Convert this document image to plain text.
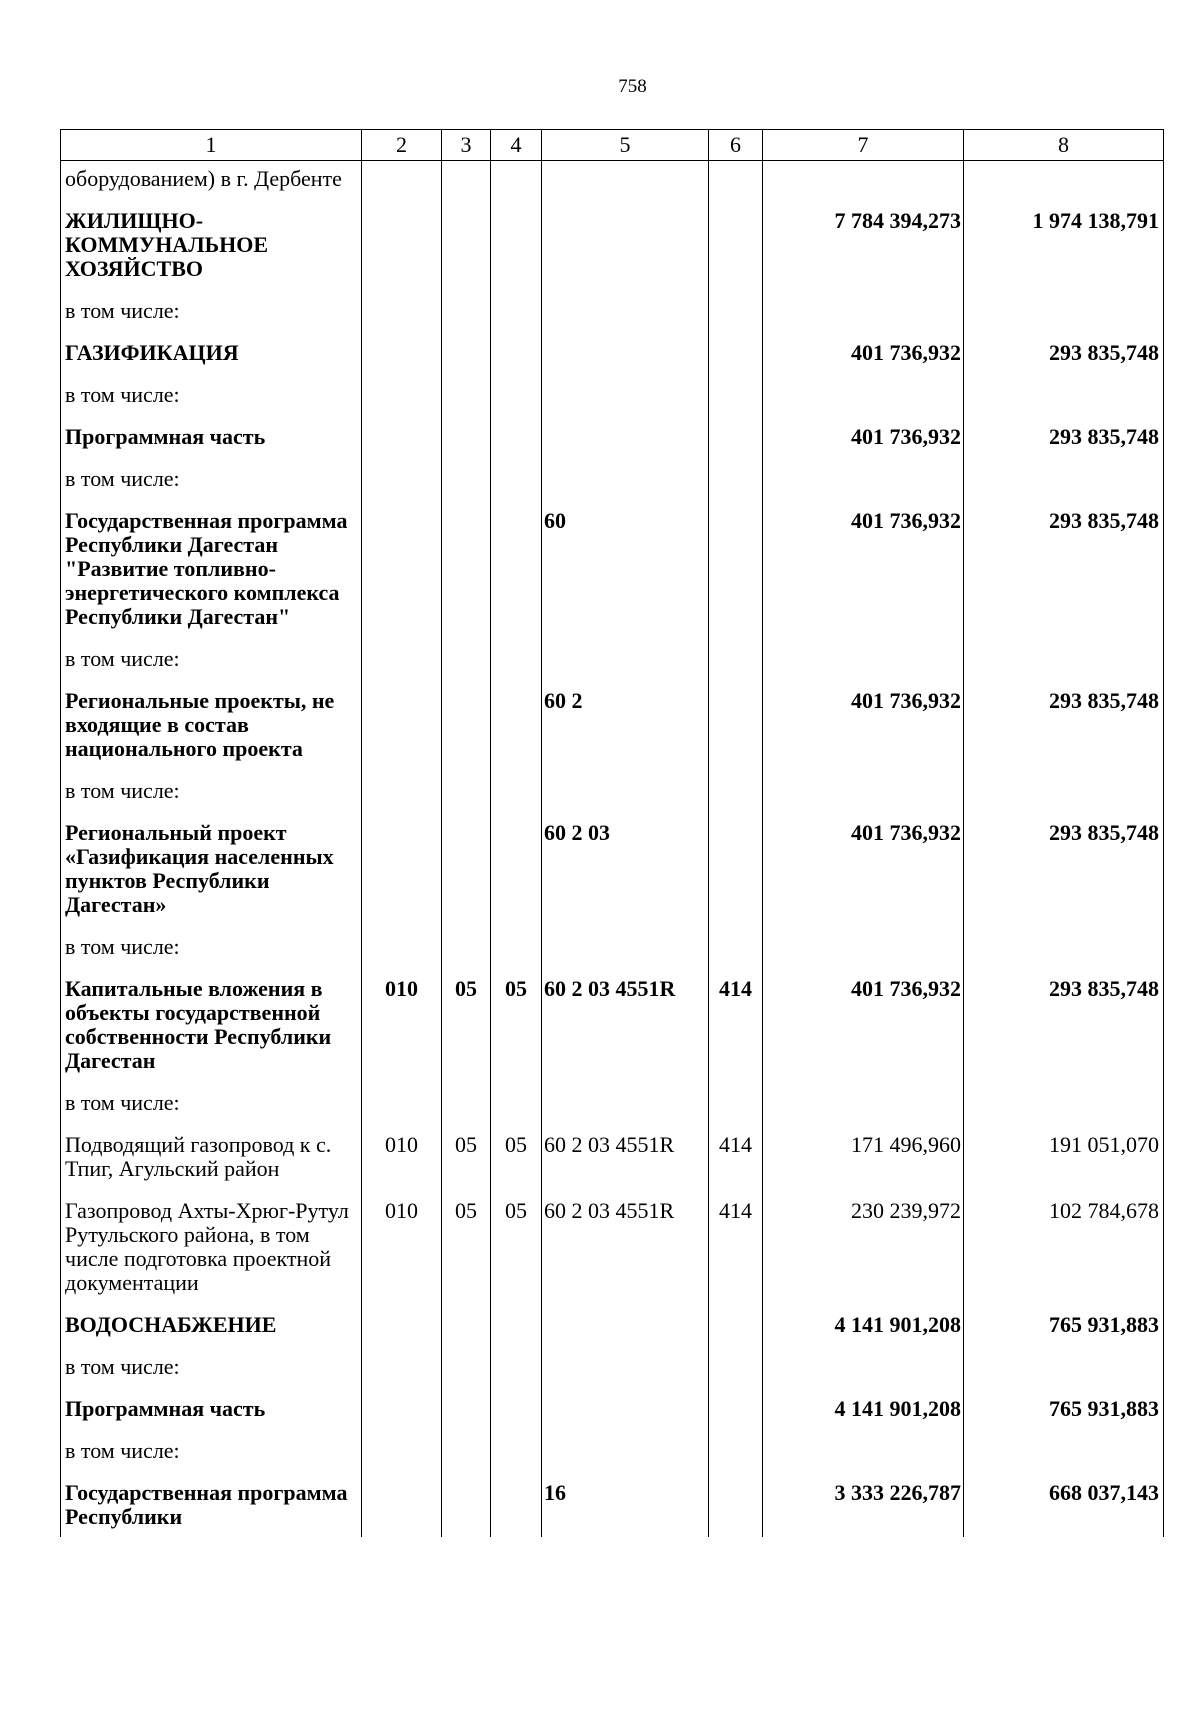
758
1	2	3	4	5	6	7	8
оборудованием) в г. Дербенте							
ЖИЛИЩНО-КОММУНАЛЬНОЕ ХОЗЯЙСТВО						7 784 394,273	1 974 138,791
в том числе:							
ГАЗИФИКАЦИЯ						401 736,932	293 835,748
в том числе:							
Программная часть						401 736,932	293 835,748
в том числе:							
Государственная программа Республики Дагестан "Развитие топливно-энергетического комплекса Республики Дагестан"				60		401 736,932	293 835,748
в том числе:							
Региональные проекты, не входящие в состав национального проекта				60 2		401 736,932	293 835,748
в том числе:							
Региональный проект «Газификация населенных пунктов Республики Дагестан»				60 2 03		401 736,932	293 835,748
в том числе:							
Капитальные вложения в объекты государственной собственности Республики Дагестан	010	05	05	60 2 03 4551R	414	401 736,932	293 835,748
в том числе:							
Подводящий газопровод к с. Тпиг, Агульский район	010	05	05	60 2 03 4551R	414	171 496,960	191 051,070
Газопровод Ахты-Хрюг-Рутул Рутульского района, в том числе подготовка проектной документации	010	05	05	60 2 03 4551R	414	230 239,972	102 784,678
ВОДОСНАБЖЕНИЕ						4 141 901,208	765 931,883
в том числе:							
Программная часть						4 141 901,208	765 931,883
в том числе:							
Государственная программа Республики				16		3 333 226,787	668 037,143
